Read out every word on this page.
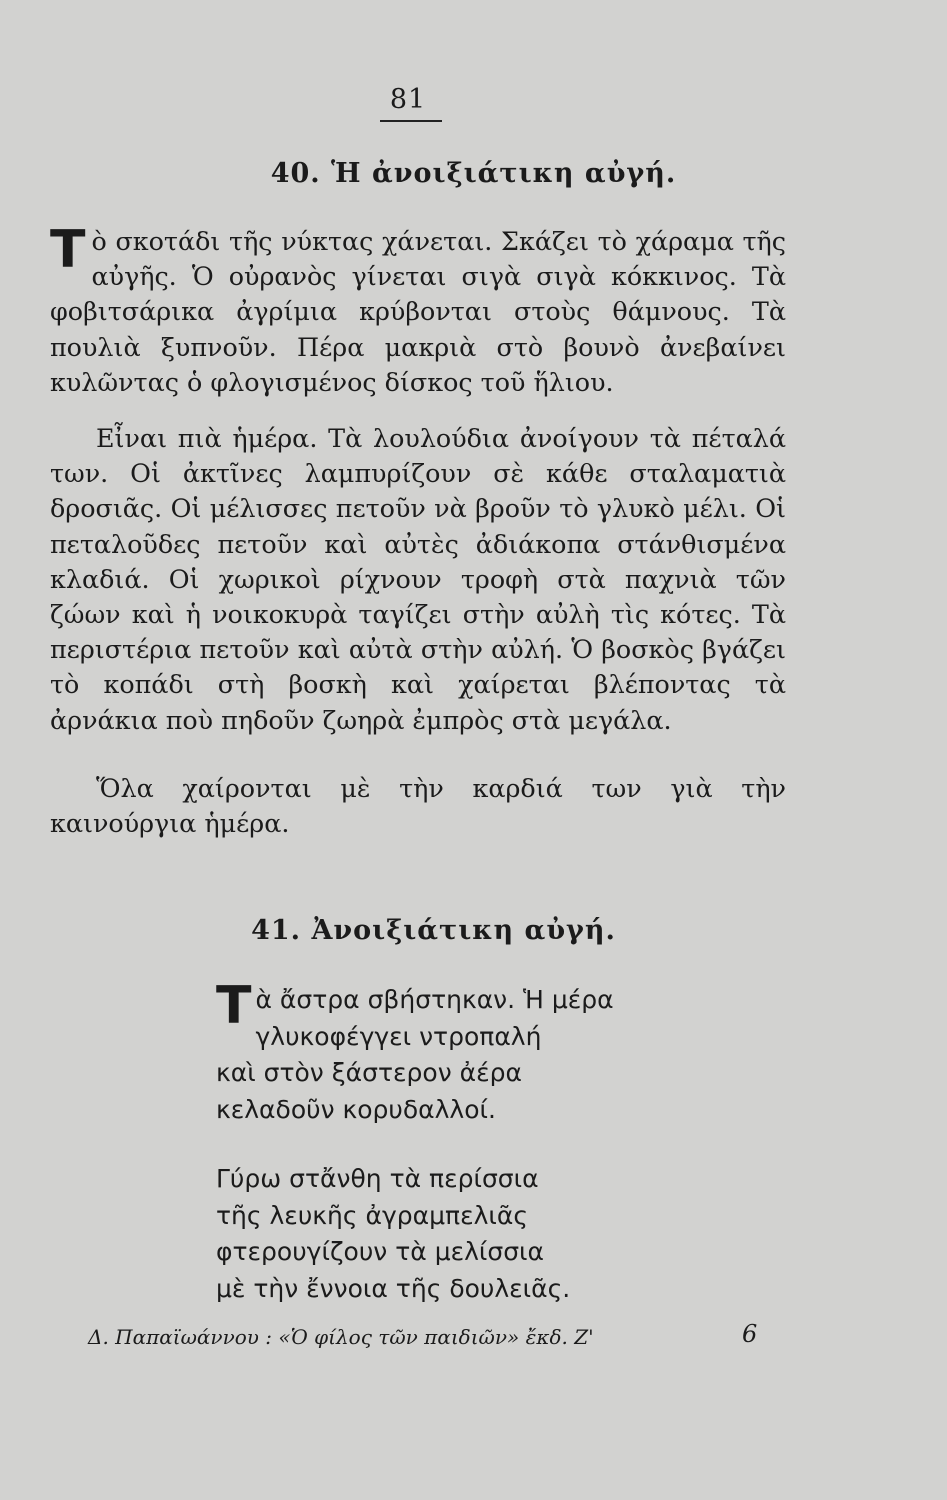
81
40. Ἡ ἀνοιξιάτικη αὐγή.

Τὸ σκοτάδι τῆς νύκτας χάνεται. Σκάζει τὸ χάραμα τῆς αὐγῆς. Ὁ οὐρανὸς γίνεται σιγὰ σιγὰ κόκκινος. Τὰ φοβιτσάρικα ἀγρίμια κρύβονται στοὺς θάμνους. Τὰ πουλιὰ ξυπνοῦν. Πέρα μακριὰ στὸ βουνὸ ἀνεβαίνει κυλῶντας ὁ φλογισμένος δίσκος τοῦ ἥλιου.

Εἶναι πιὰ ἡμέρα. Τὰ λουλούδια ἀνοίγουν τὰ πέταλά των. Οἱ ἀκτῖνες λαμπυρίζουν σὲ κάθε σταλαματιὰ δροσιᾶς. Οἱ μέλισσες πετοῦν νὰ βροῦν τὸ γλυκὸ μέλι. Οἱ πεταλοῦδες πετοῦν καὶ αὐτὲς ἀδιάκοπα στάνθισμένα κλαδιά. Οἱ χωρικοὶ ρίχνουν τροφὴ στὰ παχνιὰ τῶν ζώων καὶ ἡ νοικοκυρὰ ταγίζει στὴν αὐλὴ τὶς κότες. Τὰ περιστέρια πετοῦν καὶ αὐτὰ στὴν αὐλή. Ὁ βοσκὸς βγάζει τὸ κοπάδι στὴ βοσκὴ καὶ χαίρεται βλέποντας τὰ ἀρνάκια ποὺ πηδοῦν ζωηρὰ ἐμπρὸς στὰ μεγάλα.

Ὅλα χαίρονται μὲ τὴν καρδιά των γιὰ τὴν καινούργια ἡμέρα.

41. Ἀνοιξιάτικη αὐγή.
Τ ὰ ἄστρα σβήστηκαν. Ἡ μέρα
γλυκοφέγγει ντροπαλή
καὶ στὸν ξάστερον ἀέρα
κελαδοῦν κορυδαλλοί.
Γύρω στἄνθη τὰ περίσσια
τῆς λευκῆς ἀγραμπελιᾶς
φτερουγίζουν τὰ μελίσσια
μὲ τὴν ἔννοια τῆς δουλειᾶς.
Δ. Παπαϊωάννου : «Ὁ φίλος τῶν παιδιῶν» ἔκδ. Ζ'	6
